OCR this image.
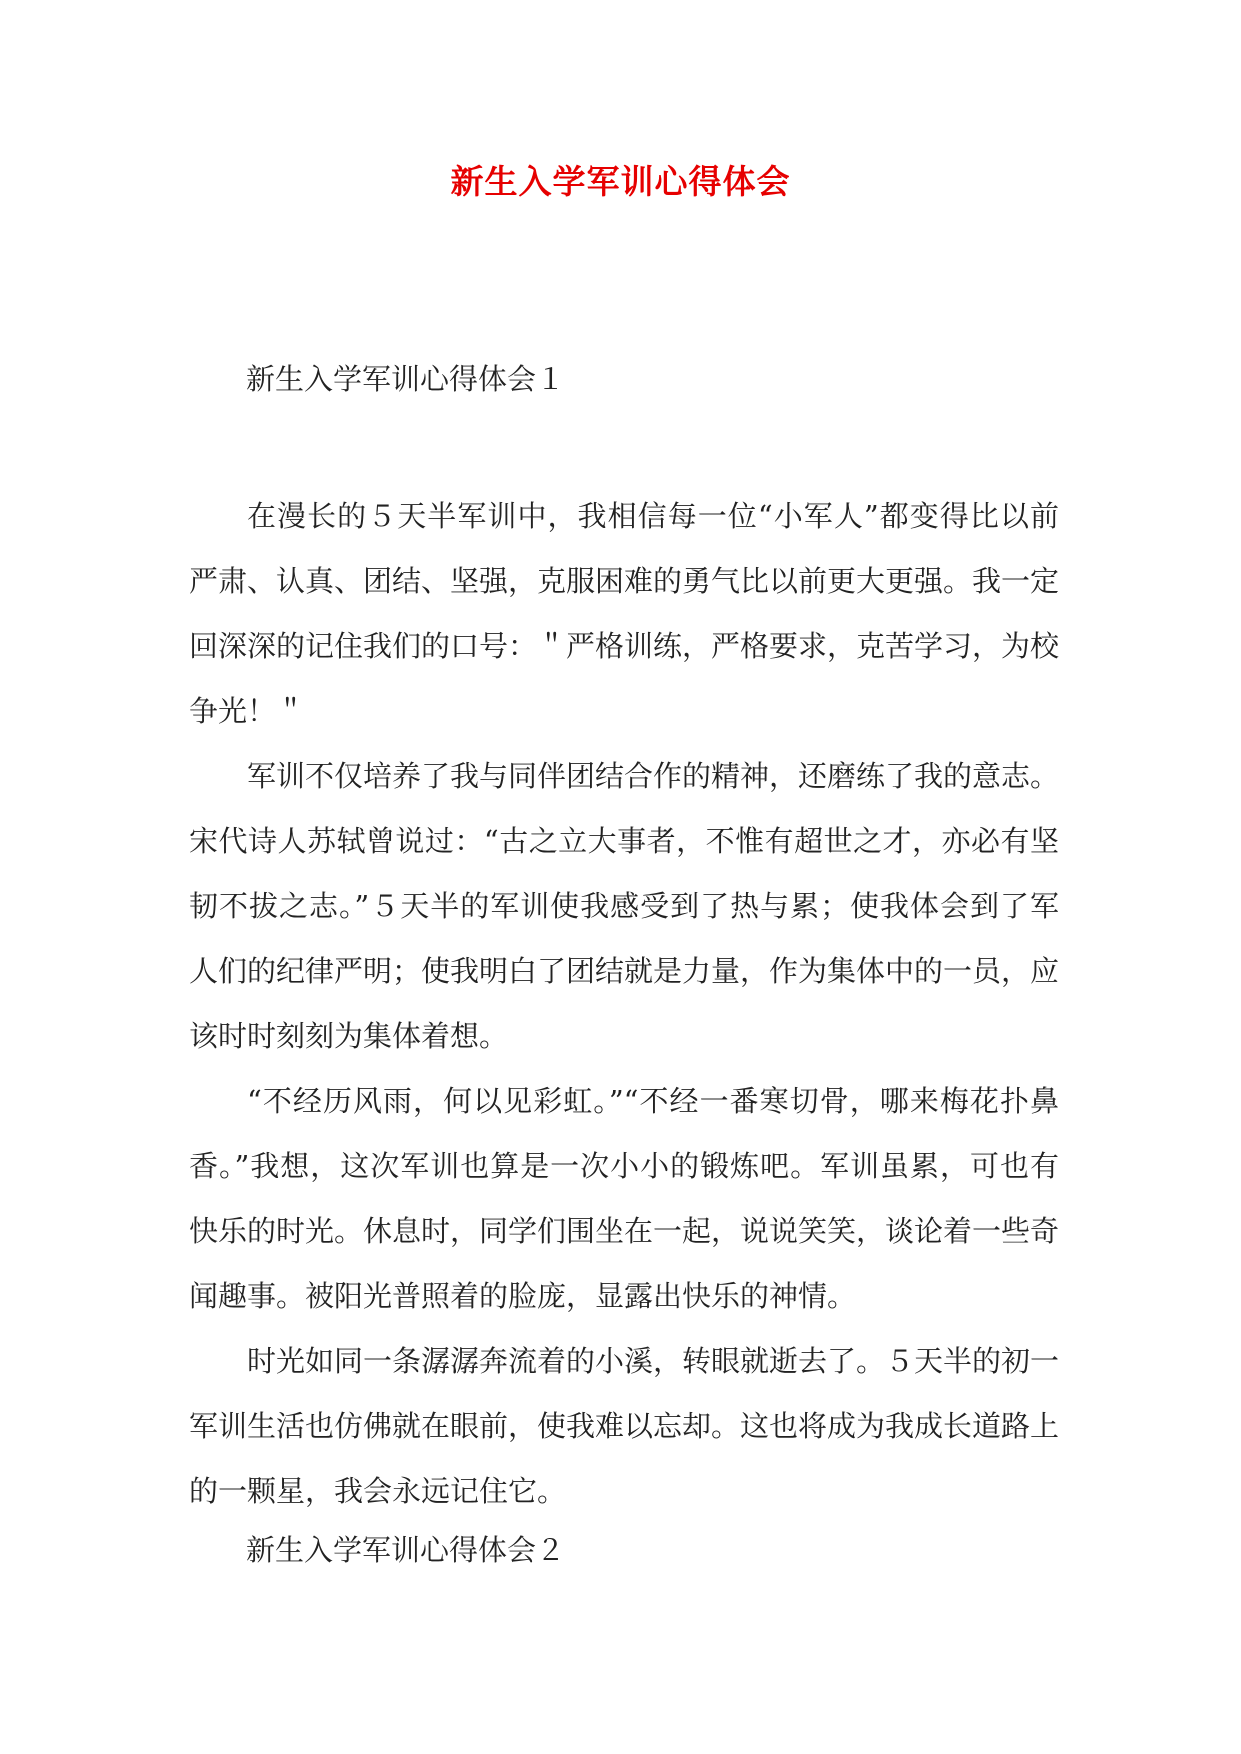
新生入学军训心得体会
新生入学军训心得体会１

在漫长的５天半军训中，我相信每一位“小军人”都变得比以前严肃、认真、团结、坚强，克服困难的勇气比以前更大更强。我一定回深深的记住我们的口号：＂严格训练，严格要求，克苦学习，为校争光！＂

军训不仅培养了我与同伴团结合作的精神，还磨练了我的意志。宋代诗人苏轼曾说过：“古之立大事者，不惟有超世之才，亦必有坚韧不拔之志。”５天半的军训使我感受到了热与累；使我体会到了军人们的纪律严明；使我明白了团结就是力量，作为集体中的一员，应该时时刻刻为集体着想。

“不经历风雨，何以见彩虹。”“不经一番寒切骨，哪来梅花扑鼻香。”我想，这次军训也算是一次小小的锻炼吧。军训虽累，可也有快乐的时光。休息时，同学们围坐在一起，说说笑笑，谈论着一些奇闻趣事。被阳光普照着的脸庞，显露出快乐的神情。

时光如同一条潺潺奔流着的小溪，转眼就逝去了。５天半的初一军训生活也仿佛就在眼前，使我难以忘却。这也将成为我成长道路上的一颗星，我会永远记住它。

新生入学军训心得体会２
